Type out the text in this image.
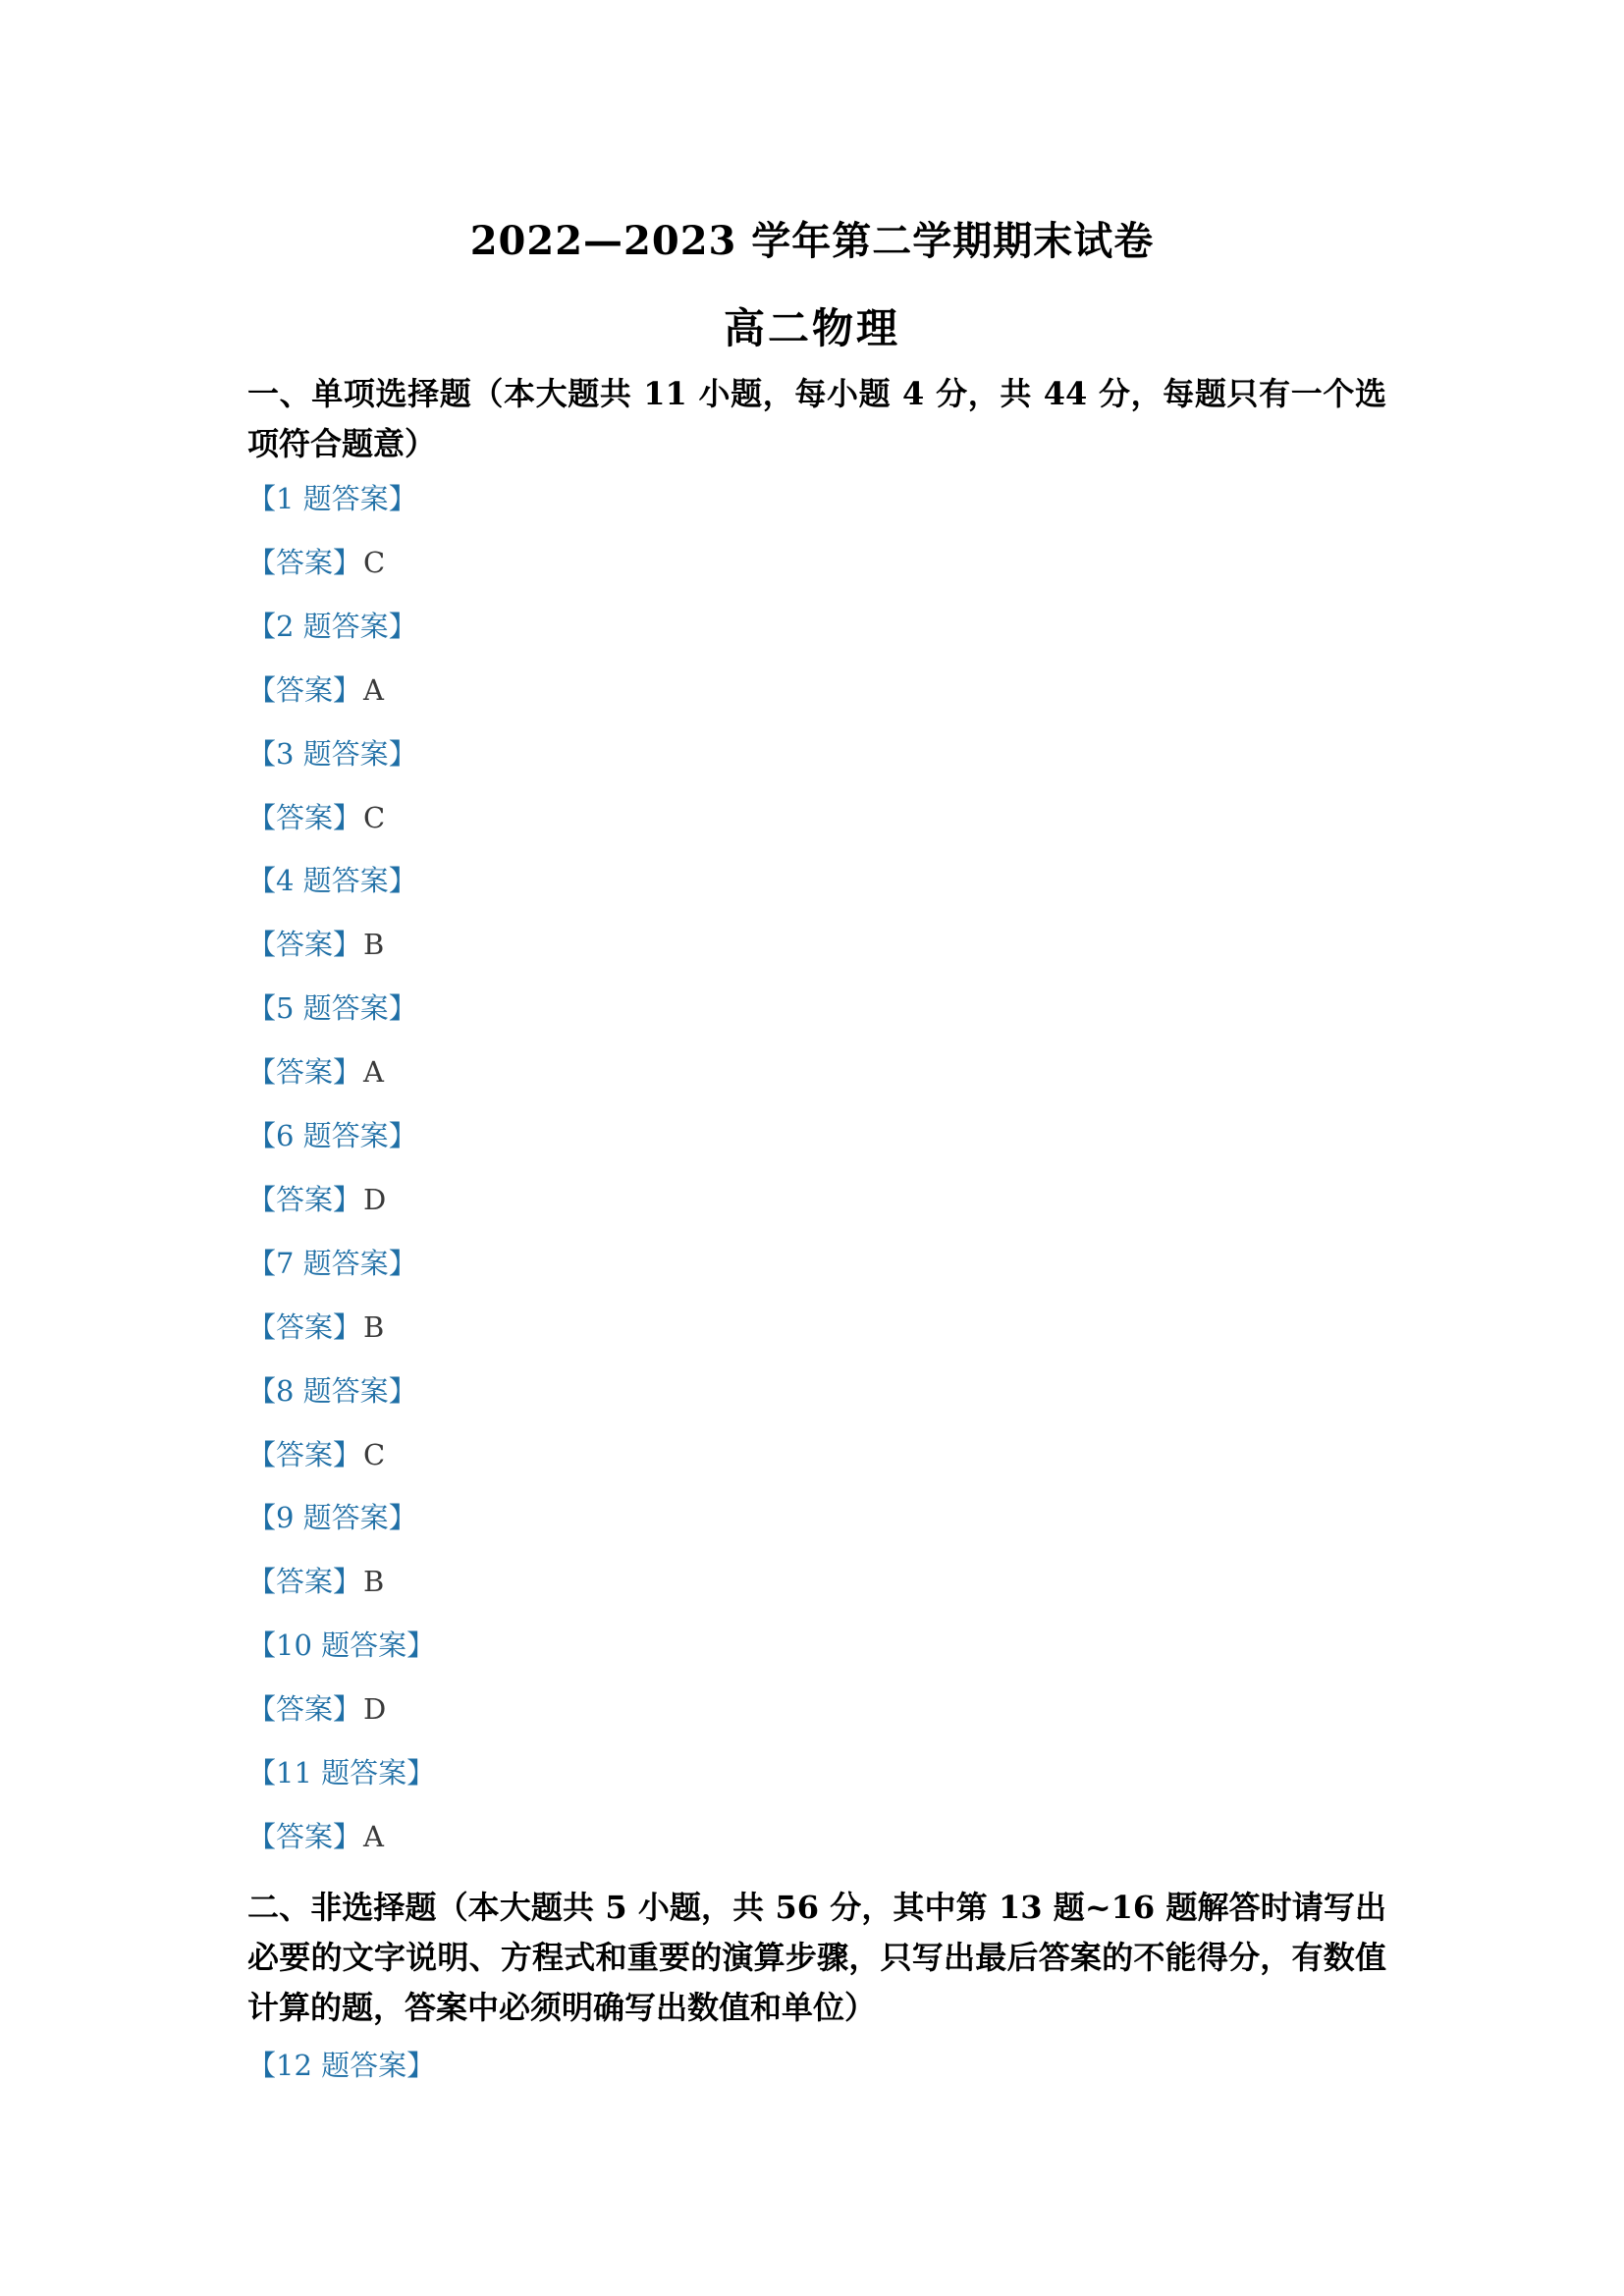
2022—2023 学年第二学期期末试卷
高二物理
一、单项选择题（本大题共 11 小题，每小题 4 分，共 44 分，每题只有一个选项符合题意）
【1 题答案】
【答案】C
【2 题答案】
【答案】A
【3 题答案】
【答案】C
【4 题答案】
【答案】B
【5 题答案】
【答案】A
【6 题答案】
【答案】D
【7 题答案】
【答案】B
【8 题答案】
【答案】C
【9 题答案】
【答案】B
【10 题答案】
【答案】D
【11 题答案】
【答案】A
二、非选择题（本大题共 5 小题，共 56 分，其中第 13 题~16 题解答时请写出必要的文字说明、方程式和重要的演算步骤，只写出最后答案的不能得分，有数值计算的题，答案中必须明确写出数值和单位）
【12 题答案】
